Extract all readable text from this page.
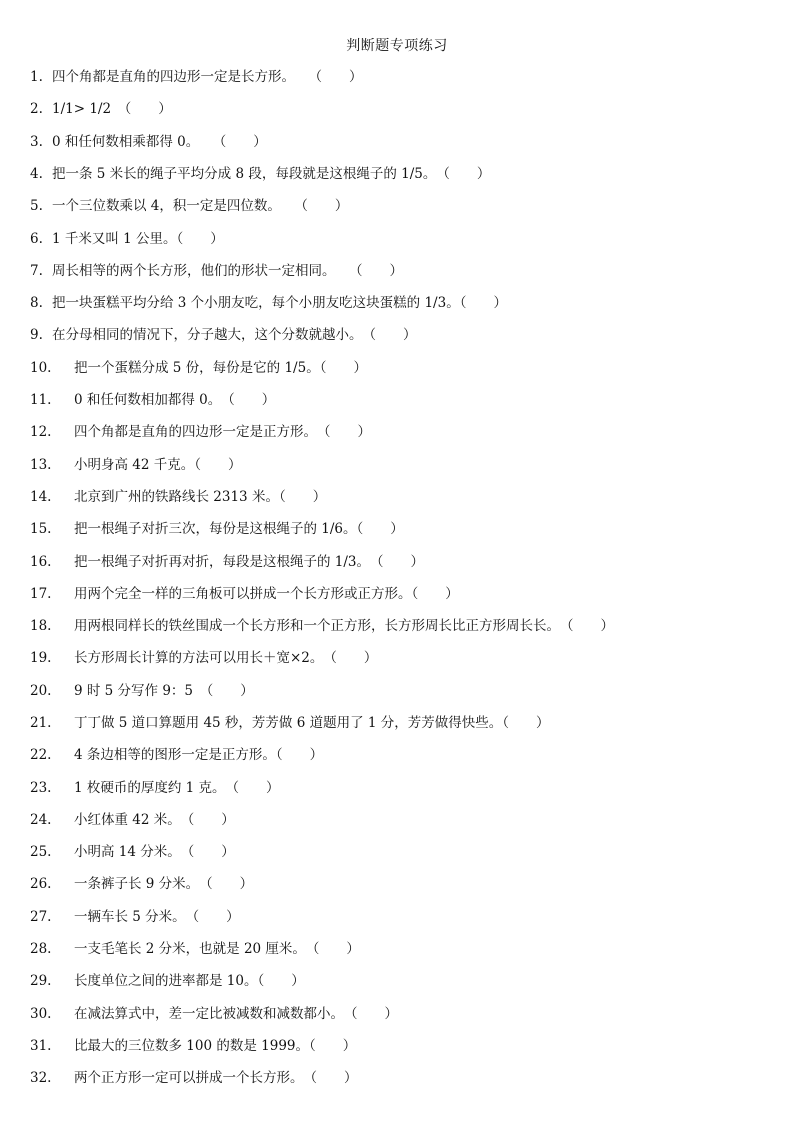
判断题专项练习
1. 四个角都是直角的四边形一定是长方形。　　（　　）
2. 1/1> 1/2　（　　）
3. 0 和任何数相乘都得 0。　　（　　）
4. 把一条 5 米长的绳子平均分成 8 段，每段就是这根绳子的 1/5。　（　　）
5. 一个三位数乘以 4，积一定是四位数。　　（　　）
6. 1 千米又叫 1 公里。（　　）
7. 周长相等的两个长方形，他们的形状一定相同。　　（　　）
8. 把一块蛋糕平均分给 3 个小朋友吃，每个小朋友吃这块蛋糕的 1/3。（　　）
9. 在分母相同的情况下，分子越大，这个分数就越小。　（　　）
10. 把一个蛋糕分成 5 份，每份是它的 1/5。（　　）
11. 0 和任何数相加都得 0。　（　　）
12. 四个角都是直角的四边形一定是正方形。　（　　）
13. 小明身高 42 千克。（　　）
14. 北京到广州的铁路线长 2313 米。（　　）
15. 把一根绳子对折三次，每份是这根绳子的 1/6。（　　）
16. 把一根绳子对折再对折，每段是这根绳子的 1/3。　（　　）
17. 用两个完全一样的三角板可以拼成一个长方形或正方形。（　　）
18. 用两根同样长的铁丝围成一个长方形和一个正方形，长方形周长比正方形周长长。　（　　）
19. 长方形周长计算的方法可以用长＋宽×2。　（　　）
20. 9 时 5 分写作 9：5　（　　）
21. 丁丁做 5 道口算题用 45 秒，芳芳做 6 道题用了 1 分，芳芳做得快些。（　　）
22. 4 条边相等的图形一定是正方形。（　　）
23. 1 枚硬币的厚度约 1 克。　（　　）
24. 小红体重 42 米。　（　　）
25. 小明高 14 分米。　（　　）
26. 一条裤子长 9 分米。　（　　）
27. 一辆车长 5 分米。　（　　）
28. 一支毛笔长 2 分米，也就是 20 厘米。　（　　）
29. 长度单位之间的进率都是 10。（　　）
30. 在减法算式中，差一定比被减数和减数都小。　（　　）
31. 比最大的三位数多 100 的数是 1999。（　　）
32. 两个正方形一定可以拼成一个长方形。　（　　）
